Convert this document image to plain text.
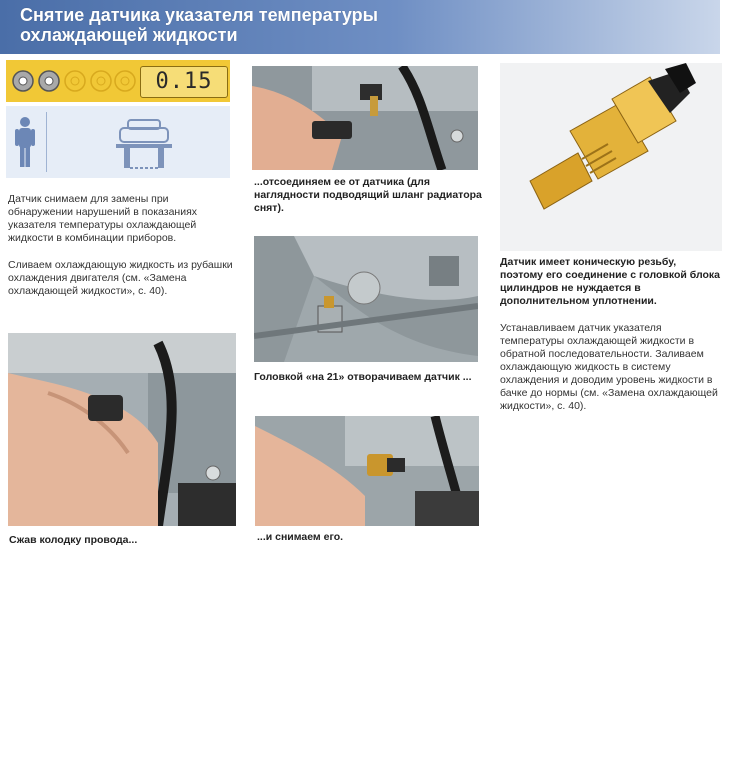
Снятие датчика указателя температуры
охлаждающей жидкости
0.15

Датчик снимаем для замены при обнаружении нарушений в показаниях указателя температуры охлаждающей жидкости в комбинации приборов.

Сливаем охлаждающую жидкость из рубашки охлаждения двигателя (см. «Замена охлаждающей жидкости», с. 40).

Сжав колодку провода...
...отсоединяем ее от датчика (для наглядности подводящий шланг радиатора снят).
Головкой «на 21» отворачиваем датчик ...
...и снимаем его.

Датчик имеет коническую резьбу, поэтому его соединение с головкой блока цилиндров не нуждается в дополнительном уплотнении.

Устанавливаем датчик указателя температуры охлаждающей жидкости в обратной последовательности. Заливаем охлаждающую жидкость в систему охлаждения и доводим уровень жидкости в бачке до нормы (см. «Замена охлаждающей жидкости», с. 40).
